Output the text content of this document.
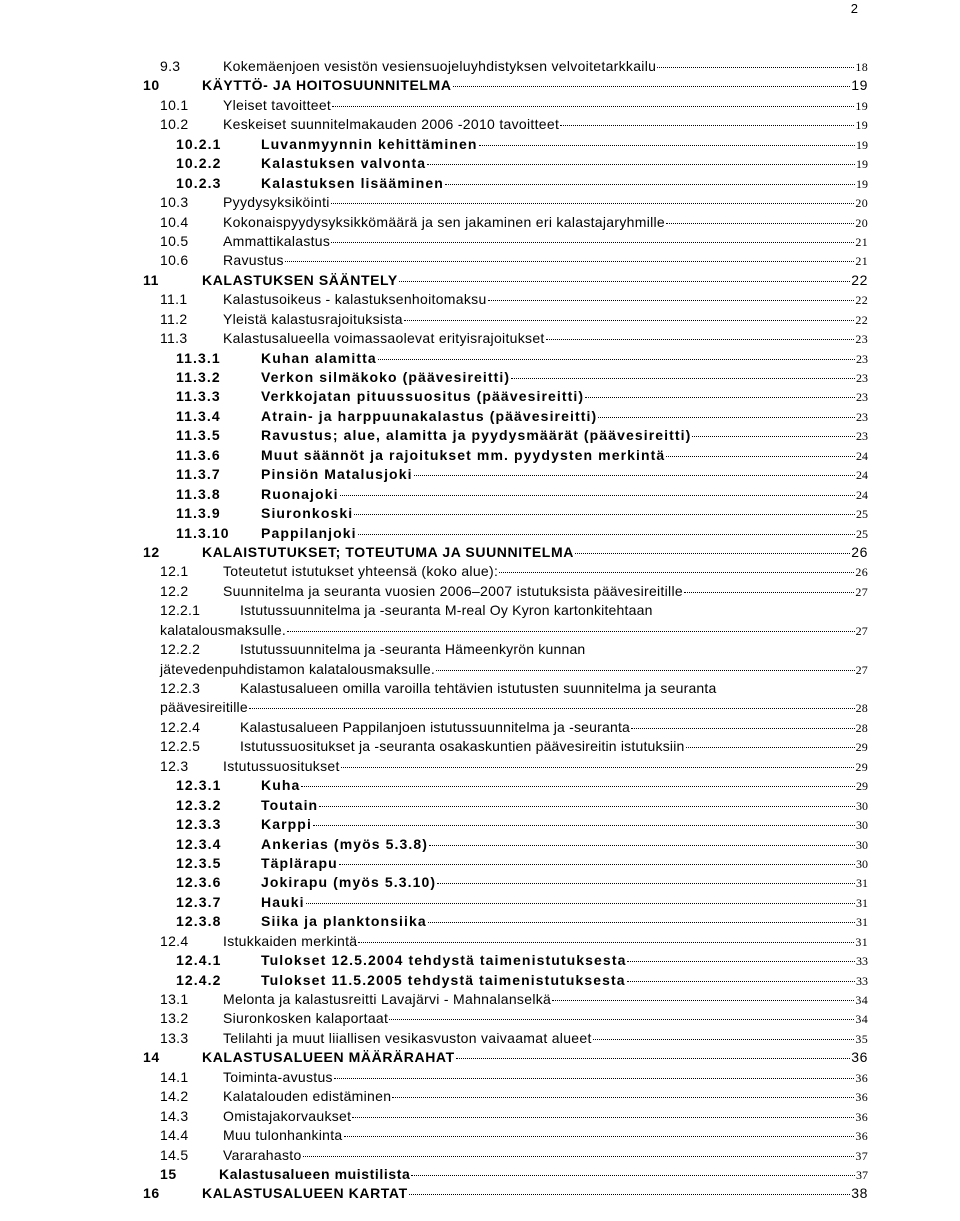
2
9.3	Kokemäenjoen vesistön vesiensuojeluyhdistyksen velvoitetarkkailu	18
10	KÄYTTÖ- JA HOITOSUUNNITELMA	19
10.1	Yleiset tavoitteet	19
10.2	Keskeiset suunnitelmakauden 2006 -2010 tavoitteet	19
10.2.1	Luvanmyynnin kehittäminen	19
10.2.2	Kalastuksen valvonta	19
10.2.3	Kalastuksen lisääminen	19
10.3	Pyydysyksiköinti	20
10.4	Kokonaispyydysyksikkömäärä ja sen jakaminen eri kalastajaryhmille	20
10.5	Ammattikalastus	21
10.6	Ravustus	21
11	KALASTUKSEN SÄÄNTELY	22
11.1	Kalastusoikeus - kalastuksenhoitomaksu	22
11.2	Yleistä kalastusrajoituksista	22
11.3	Kalastusalueella voimassaolevat erityisrajoitukset	23
11.3.1	Kuhan alamitta	23
11.3.2	Verkon silmäkoko (päävesireitti)	23
11.3.3	Verkkojatan pituussuositus (päävesireitti)	23
11.3.4	Atrain- ja harppuunakalastus (päävesireitti)	23
11.3.5	Ravustus; alue, alamitta ja pyydysmäärät (päävesireitti)	23
11.3.6	Muut säännöt ja rajoitukset mm. pyydysten merkintä	24
11.3.7	Pinsiön Matalusjoki	24
11.3.8	Ruonajoki	24
11.3.9	Siuronkoski	25
11.3.10	Pappilanjoki	25
12	KALAISTUTUKSET; TOTEUTUMA JA SUUNNITELMA	26
12.1	Toteutetut istutukset yhteensä (koko alue):	26
12.2	Suunnitelma ja seuranta vuosien 2006–2007 istutuksista päävesireitille	27
12.2.1	Istutussuunnitelma ja -seuranta M-real Oy Kyron kartonkitehtaan
kalatalousmaksulle.	27
12.2.2	Istutussuunnitelma ja -seuranta Hämeenkyrön kunnan
jätevedenpuhdistamon kalatalousmaksulle.	27
12.2.3	Kalastusalueen omilla varoilla tehtävien istutusten suunnitelma ja seuranta
päävesireitille	28
12.2.4	Kalastusalueen Pappilanjoen istutussuunnitelma ja -seuranta	28
12.2.5	Istutussuositukset ja -seuranta osakaskuntien päävesireitin istutuksiin	29
12.3	Istutussuositukset	29
12.3.1	Kuha	29
12.3.2	Toutain	30
12.3.3	Karppi	30
12.3.4	Ankerias (myös 5.3.8)	30
12.3.5	Täplärapu	30
12.3.6	Jokirapu (myös 5.3.10)	31
12.3.7	Hauki	31
12.3.8	Siika ja planktonsiika	31
12.4	Istukkaiden merkintä	31
12.4.1	Tulokset 12.5.2004 tehdystä taimenistutuksesta	33
12.4.2	Tulokset 11.5.2005 tehdystä taimenistutuksesta	33
13.1	Melonta ja kalastusreitti Lavajärvi - Mahnalanselkä	34
13.2	Siuronkosken kalaportaat	34
13.3	Telilahti ja muut liiallisen vesikasvuston vaivaamat alueet	35
14	KALASTUSALUEEN MÄÄRÄRAHAT	36
14.1	Toiminta-avustus	36
14.2	Kalatalouden edistäminen	36
14.3	Omistajakorvaukset	36
14.4	Muu tulonhankinta	36
14.5	Vararahasto	37
15	Kalastusalueen muistilista	37
16	KALASTUSALUEEN KARTAT	38
